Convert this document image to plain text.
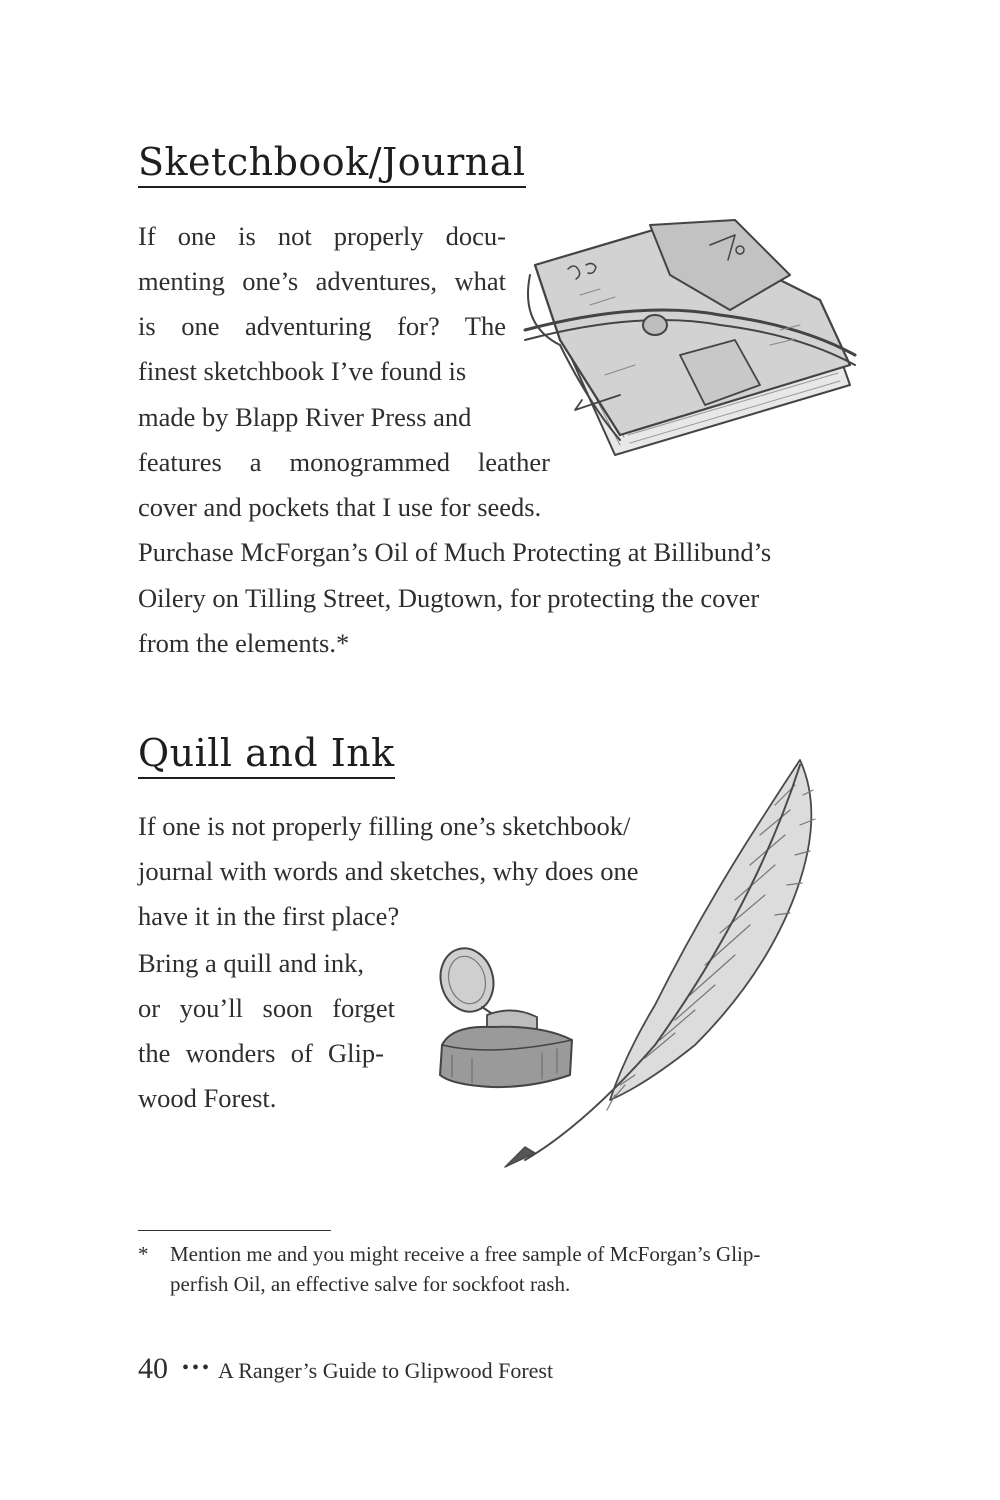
Sketchbook/Journal
If one is not properly docu-
menting one’s adventures, what
is one adventuring for? The
finest sketchbook I’ve found is
made by Blapp River Press and
features a monogrammed leather
cover and pockets that I use for seeds.
Purchase McForgan’s Oil of Much Protecting at Billibund’s
Oilery on Tilling Street, Dugtown, for protecting the cover
from the elements.*
Quill and Ink
If one is not properly filling one’s sketchbook/
journal with words and sketches, why does one
have it in the first place?
Bring a quill and ink,
or you’ll soon forget
the wonders of Glip-
wood Forest.
* Mention me and you might receive a free sample of McForgan’s Glip-
perfish Oil, an effective salve for sockfoot rash.
40 ••• A Ranger’s Guide to Glipwood Forest
